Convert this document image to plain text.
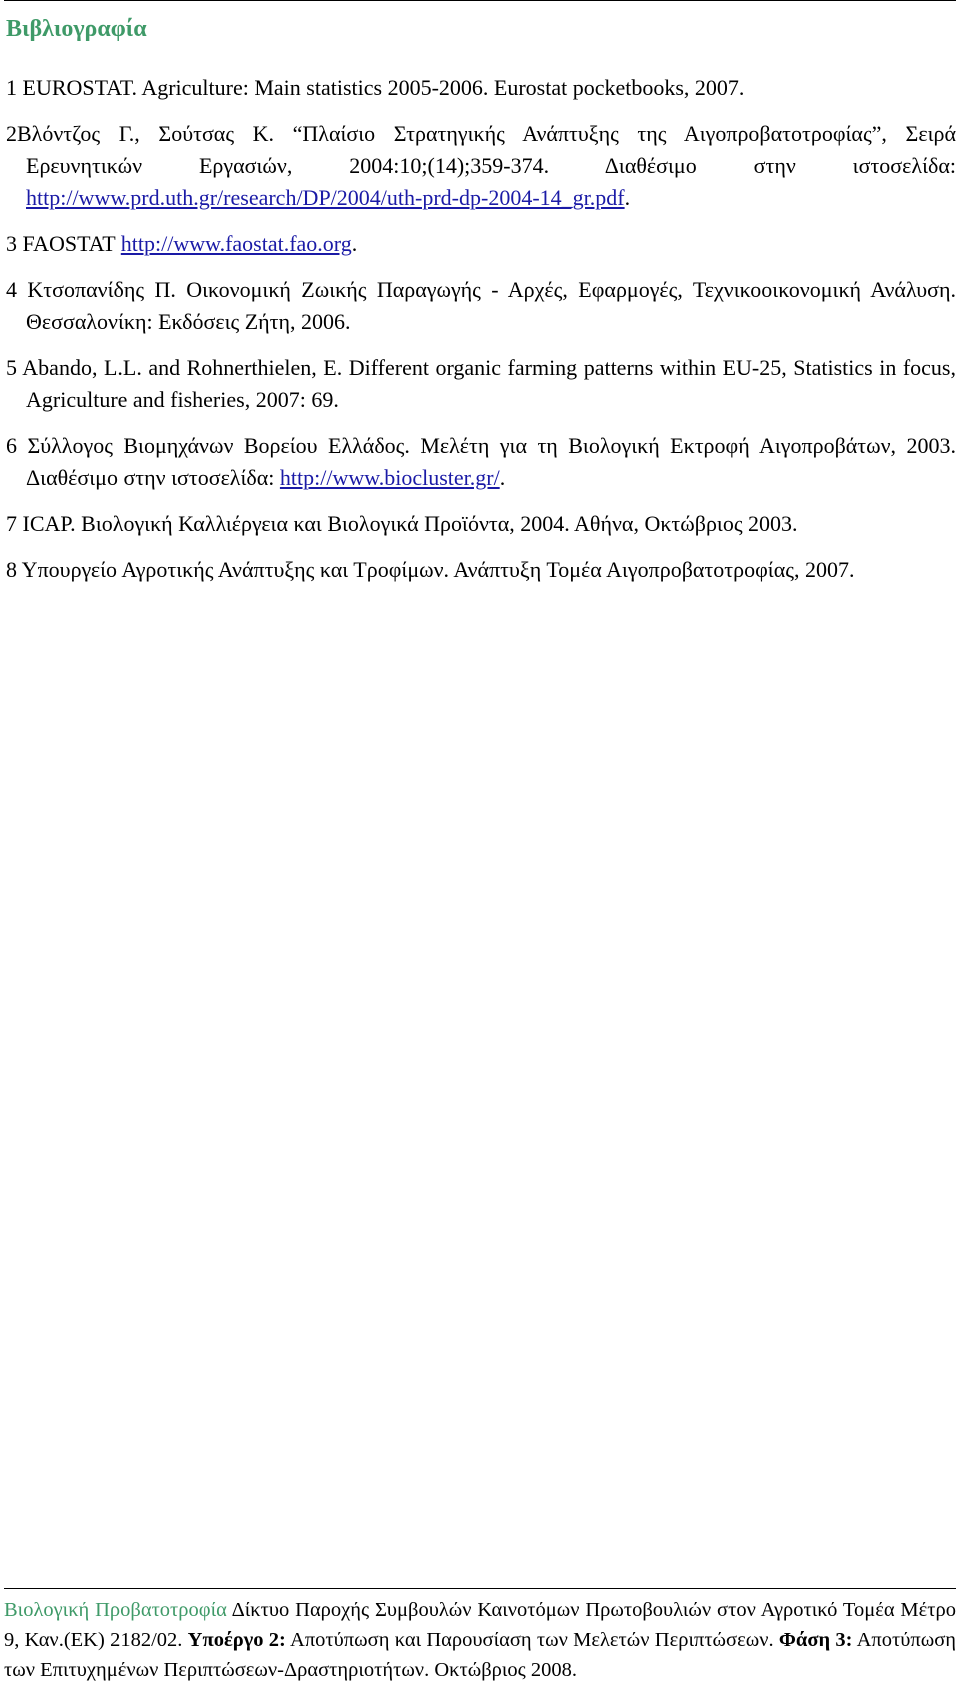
Βιβλιογραφία

1 EUROSTAT. Agriculture: Main statistics 2005-2006. Eurostat pocketbooks, 2007.

2Βλόντζος Γ., Σούτσας Κ. “Πλαίσιο Στρατηγικής Ανάπτυξης της Αιγοπροβατοτροφίας”, Σειρά Ερευνητικών Εργασιών, 2004:10;(14);359-374. Διαθέσιμο στην ιστοσελίδα: http://www.prd.uth.gr/research/DP/2004/uth-prd-dp-2004-14_gr.pdf.

3 FAOSTAT http://www.faostat.fao.org.

4 Κτσοπανίδης Π. Οικονομική Ζωικής Παραγωγής - Αρχές, Εφαρμογές, Τεχνικοοικονομική Ανάλυση. Θεσσαλονίκη: Εκδόσεις Ζήτη, 2006.

5 Abando, L.L. and Rohnerthielen, E. Different organic farming patterns within EU-25, Statistics in focus, Agriculture and fisheries, 2007: 69.

6 Σύλλογος Βιομηχάνων Βορείου Ελλάδος. Μελέτη για τη Βιολογική Εκτροφή Αιγοπροβάτων, 2003. Διαθέσιμο στην ιστοσελίδα: http://www.biocluster.gr/.

7 ICAP. Βιολογική Καλλιέργεια και Βιολογικά Προϊόντα, 2004. Αθήνα, Οκτώβριος 2003.

8 Υπουργείο Αγροτικής Ανάπτυξης και Τροφίμων. Ανάπτυξη Τομέα Αιγοπροβατοτροφίας, 2007.

Βιολογική Προβατοτροφία Δίκτυο Παροχής Συμβουλών Καινοτόμων Πρωτοβουλιών στον Αγροτικό Τομέα Μέτρο 9, Καν.(ΕΚ) 2182/02. Υποέργο 2: Αποτύπωση και Παρουσίαση των Μελετών Περιπτώσεων. Φάση 3: Αποτύπωση των Επιτυχημένων Περιπτώσεων-Δραστηριοτήτων. Οκτώβριος 2008.
